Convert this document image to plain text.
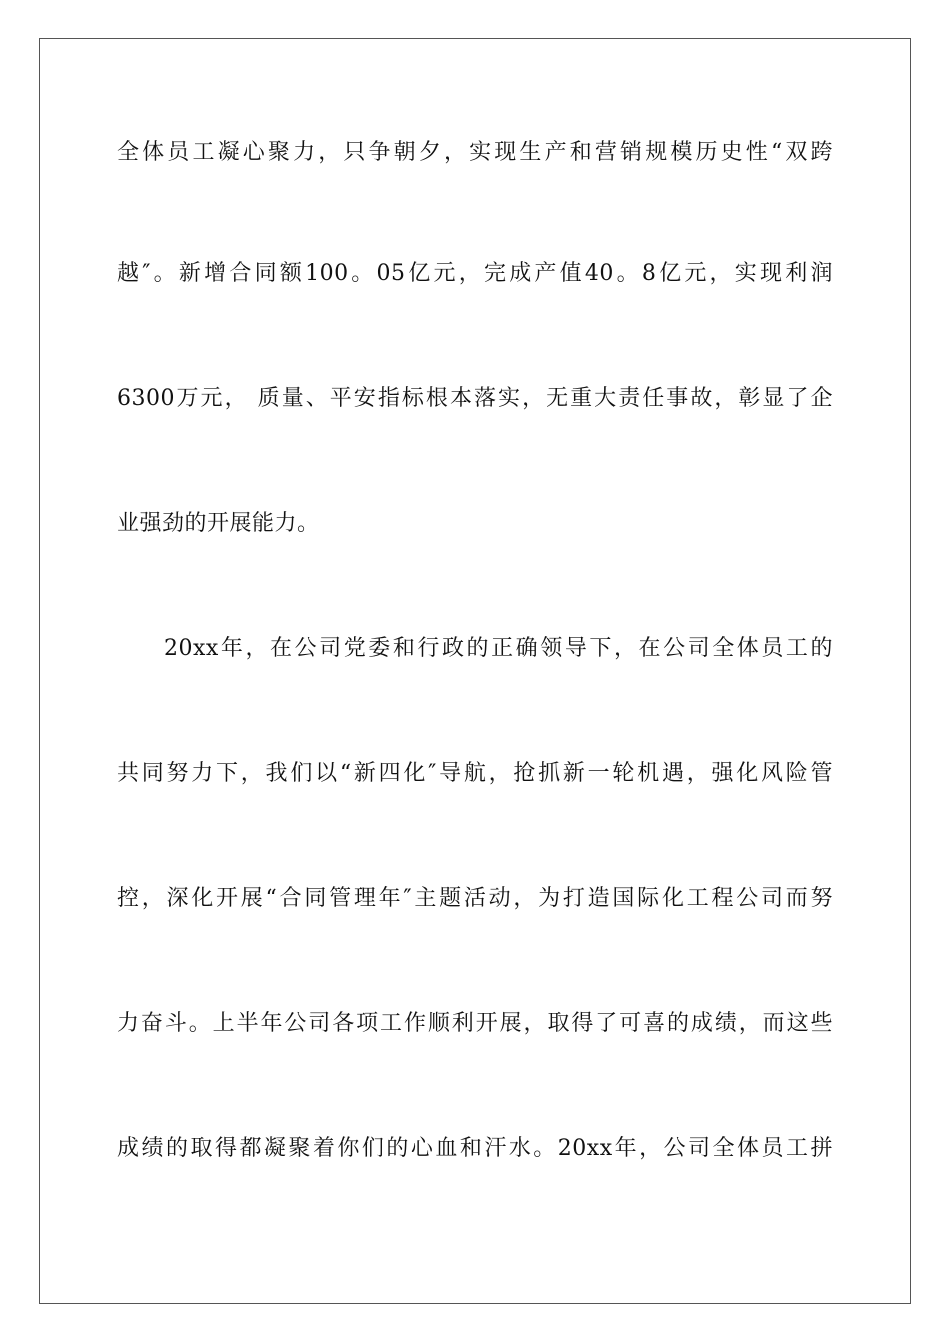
全体员工凝心聚力，只争朝夕，实现生产和营销规模历史性“双跨
越″。新增合同额100。05亿元，完成产值40。8亿元，实现利润
6300万元， 质量、平安指标根本落实，无重大责任事故，彰显了企
业强劲的开展能力。
20xx年，在公司党委和行政的正确领导下，在公司全体员工的
共同努力下，我们以“新四化″导航，抢抓新一轮机遇，强化风险管
控，深化开展“合同管理年″主题活动，为打造国际化工程公司而努
力奋斗。上半年公司各项工作顺利开展，取得了可喜的成绩，而这些
成绩的取得都凝聚着你们的心血和汗水。20xx年，公司全体员工拼
